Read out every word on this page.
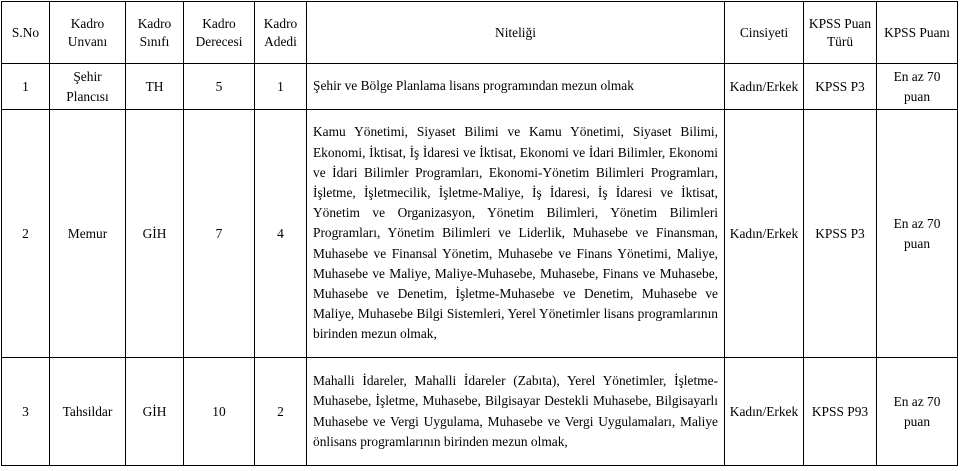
S.No	Kadro Unvanı	Kadro Sınıfı	Kadro Derecesi	Kadro Adedi	Niteliği	Cinsiyeti	KPSS Puan Türü	KPSS Puanı
1	Şehir Plancısı	TH	5	1	Şehir ve Bölge Planlama lisans programından mezun olmak	Kadın/Erkek	KPSS P3	En az 70 puan
2	Memur	GİH	7	4	Kamu Yönetimi, Siyaset Bilimi ve Kamu Yönetimi, Siyaset Bilimi, Ekonomi, İktisat, İş İdaresi ve İktisat, Ekonomi ve İdari Bilimler, Ekonomi ve İdari Bilimler Programları, Ekonomi-Yönetim Bilimleri Programları, İşletme, İşletmecilik, İşletme-Maliye, İş İdaresi, İş İdaresi ve İktisat, Yönetim ve Organizasyon, Yönetim Bilimleri, Yönetim Bilimleri Programları, Yönetim Bilimleri ve Liderlik, Muhasebe ve Finansman, Muhasebe ve Finansal Yönetim, Muhasebe ve Finans Yönetimi, Maliye, Muhasebe ve Maliye, Maliye-Muhasebe, Muhasebe, Finans ve Muhasebe, Muhasebe ve Denetim, İşletme-Muhasebe ve Denetim, Muhasebe ve Maliye, Muhasebe Bilgi Sistemleri, Yerel Yönetimler lisans programlarının birinden mezun olmak,	Kadın/Erkek	KPSS P3	En az 70 puan
3	Tahsildar	GİH	10	2	Mahalli İdareler, Mahalli İdareler (Zabıta), Yerel Yönetimler, İşletme-Muhasebe, İşletme, Muhasebe, Bilgisayar Destekli Muhasebe, Bilgisayarlı Muhasebe ve Vergi Uygulama, Muhasebe ve Vergi Uygulamaları, Maliye önlisans programlarının birinden mezun olmak,	Kadın/Erkek	KPSS P93	En az 70 puan
